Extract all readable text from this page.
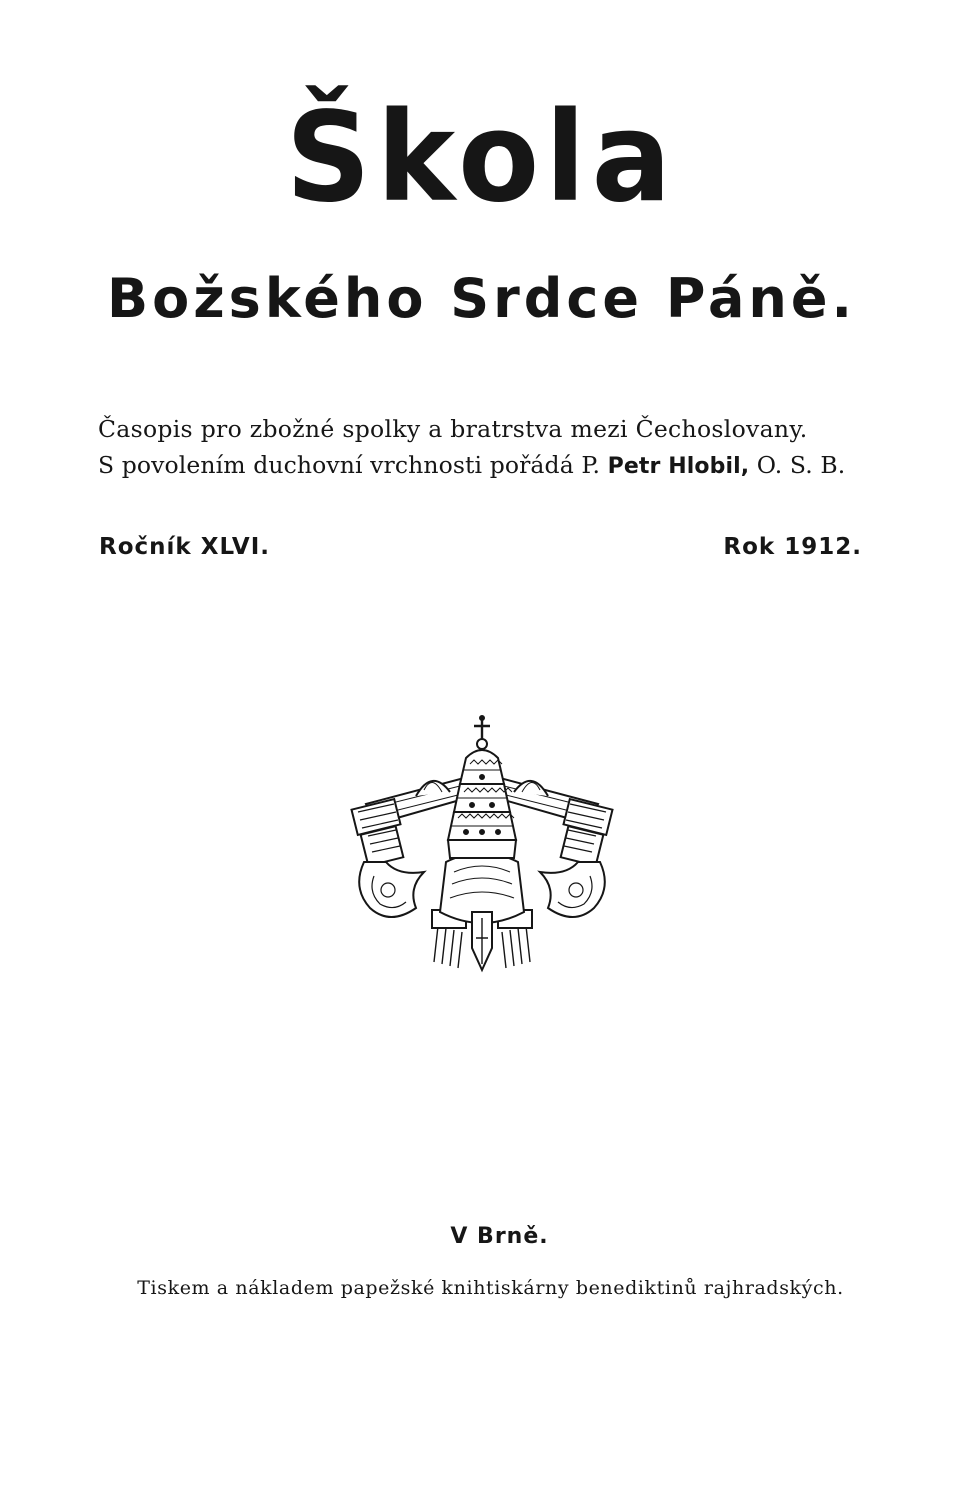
Škola
Božského Srdce Páně.
Časopis pro zbožné spolky a bratrstva mezi Čechoslovany.
S povolením duchovní vrchnosti pořádá P. Petr Hlobil, O. S. B.
Ročník XLVI.	Rok 1912.
V Brně.
Tiskem a nákladem papežské knihtiskárny benediktinů rajhradských.
